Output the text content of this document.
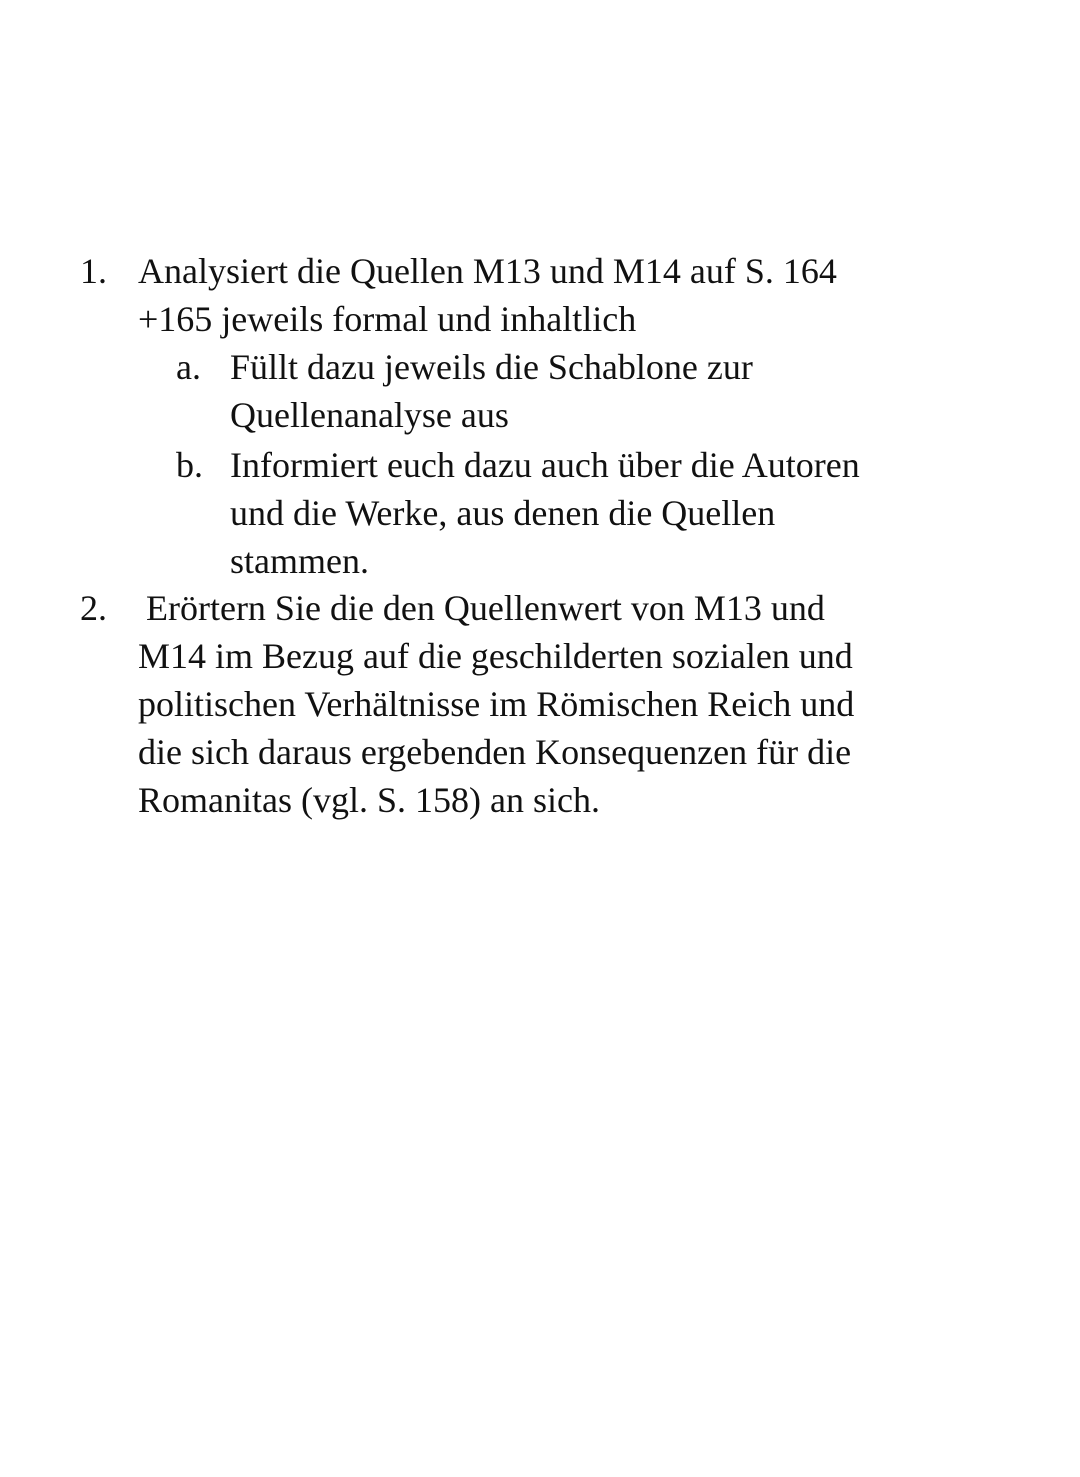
1. Analysiert die Quellen M13 und M14 auf S. 164
+165 jeweils formal und inhaltlich
a. Füllt dazu jeweils die Schablone zur
Quellenanalyse aus
b. Informiert euch dazu auch über die Autoren
und die Werke, aus denen die Quellen
stammen.
2. Erörtern Sie die den Quellenwert von M13 und
M14 im Bezug auf die geschilderten sozialen und
politischen Verhältnisse im Römischen Reich und
die sich daraus ergebenden Konsequenzen für die
Romanitas (vgl. S. 158) an sich.
